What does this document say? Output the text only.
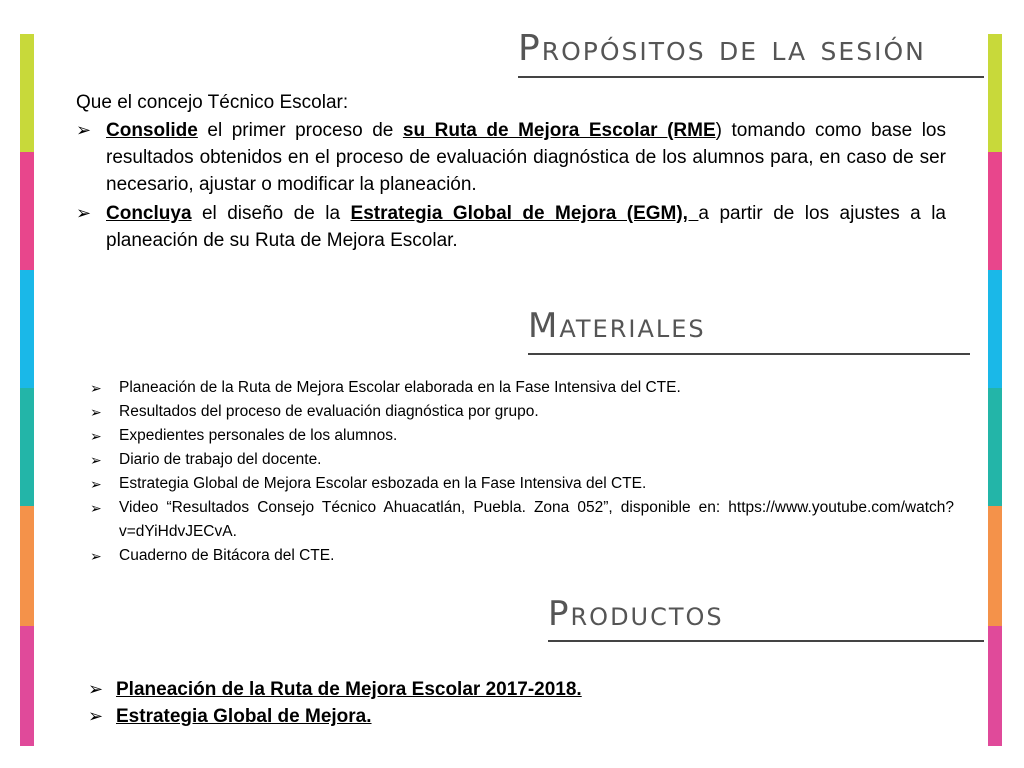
Propósitos de la sesión
Que el concejo Técnico Escolar:
➢ Consolide el primer proceso de su Ruta de Mejora Escolar (RME) tomando como base los resultados obtenidos en el proceso de evaluación diagnóstica de los alumnos para, en caso de ser necesario, ajustar o modificar la planeación.
➢ Concluya el diseño de la Estrategia Global de Mejora (EGM), a partir de los ajustes a la planeación de su Ruta de Mejora Escolar.
Materiales
➢ Planeación de la Ruta de Mejora Escolar elaborada en la Fase Intensiva del CTE.
➢ Resultados del proceso de evaluación diagnóstica por grupo.
➢ Expedientes personales de los alumnos.
➢ Diario de trabajo del docente.
➢ Estrategia Global de Mejora Escolar esbozada en la Fase Intensiva del CTE.
➢ Video “Resultados Consejo Técnico Ahuacatlán, Puebla. Zona 052”, disponible en: https://www.youtube.com/watch?v=dYiHdvJECvA.
➢ Cuaderno de Bitácora del CTE.
Productos
➢ Planeación de la Ruta de Mejora Escolar 2017-2018.
➢ Estrategia Global de Mejora.
